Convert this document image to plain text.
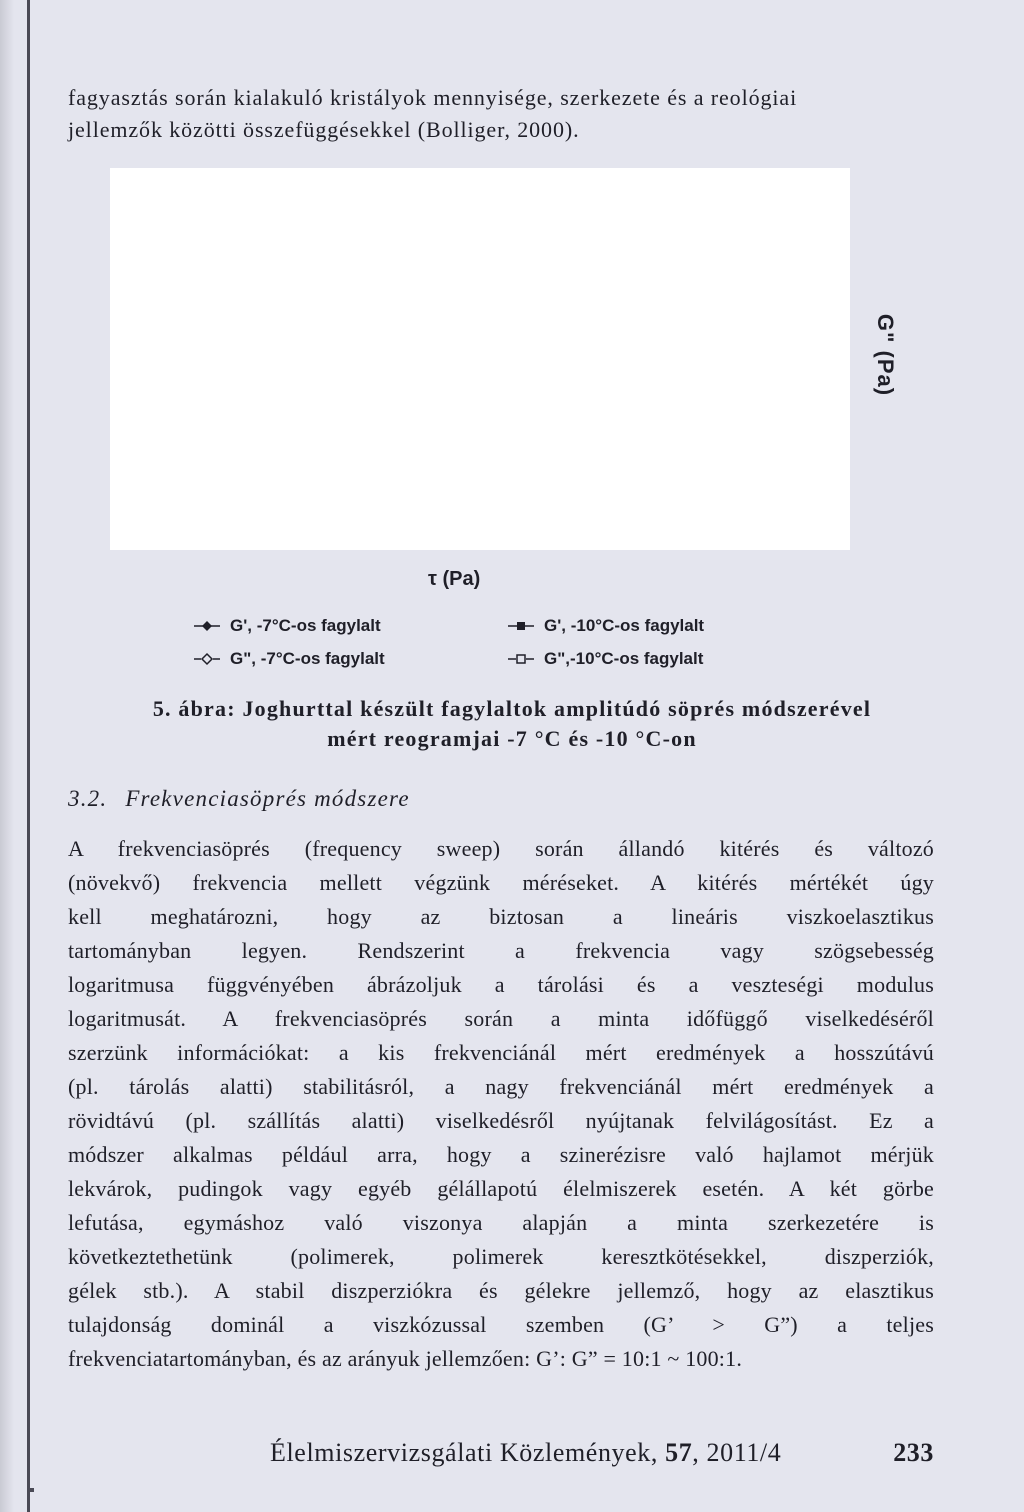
fagyasztás során kialakuló kristályok mennyisége, szerkezete és a reológiai
jellemzők közötti összefüggésekkel (Bolliger, 2000).

G" (Pa)
τ (Pa)
G', -7°C-os fagylalt	G', -10°C-os fagylalt
G", -7°C-os fagylalt	G",-10°C-os fagylalt

5. ábra: Joghurttal készült fagylaltok amplitúdó söprés módszerével
mért reogramjai -7 °C és -10 °C-on

3.2. Frekvenciasöprés módszere
A frekvenciasöprés (frequency sweep) során állandó kitérés és változó
(növekvő) frekvencia mellett végzünk méréseket. A kitérés mértékét úgy
kell meghatározni, hogy az biztosan a lineáris viszkoelasztikus
tartományban legyen. Rendszerint a frekvencia vagy szögsebesség
logaritmusa függvényében ábrázoljuk a tárolási és a veszteségi modulus
logaritmusát. A frekvenciasöprés során a minta időfüggő viselkedéséről
szerzünk információkat: a kis frekvenciánál mért eredmények a hosszútávú
(pl. tárolás alatti) stabilitásról, a nagy frekvenciánál mért eredmények a
rövidtávú (pl. szállítás alatti) viselkedésről nyújtanak felvilágosítást. Ez a
módszer alkalmas például arra, hogy a szinerézisre való hajlamot mérjük
lekvárok, pudingok vagy egyéb gélállapotú élelmiszerek esetén. A két görbe
lefutása, egymáshoz való viszonya alapján a minta szerkezetére is
következtethetünk (polimerek, polimerek keresztkötésekkel, diszperziók,
gélek stb.). A stabil diszperziókra és gélekre jellemző, hogy az elasztikus
tulajdonság dominál a viszkózussal szemben (G’ > G”) a teljes
frekvenciatartományban, és az arányuk jellemzően: G’: G” = 10:1 ~ 100:1.
Élelmiszervizsgálati Közlemények, 57, 2011/4	233
